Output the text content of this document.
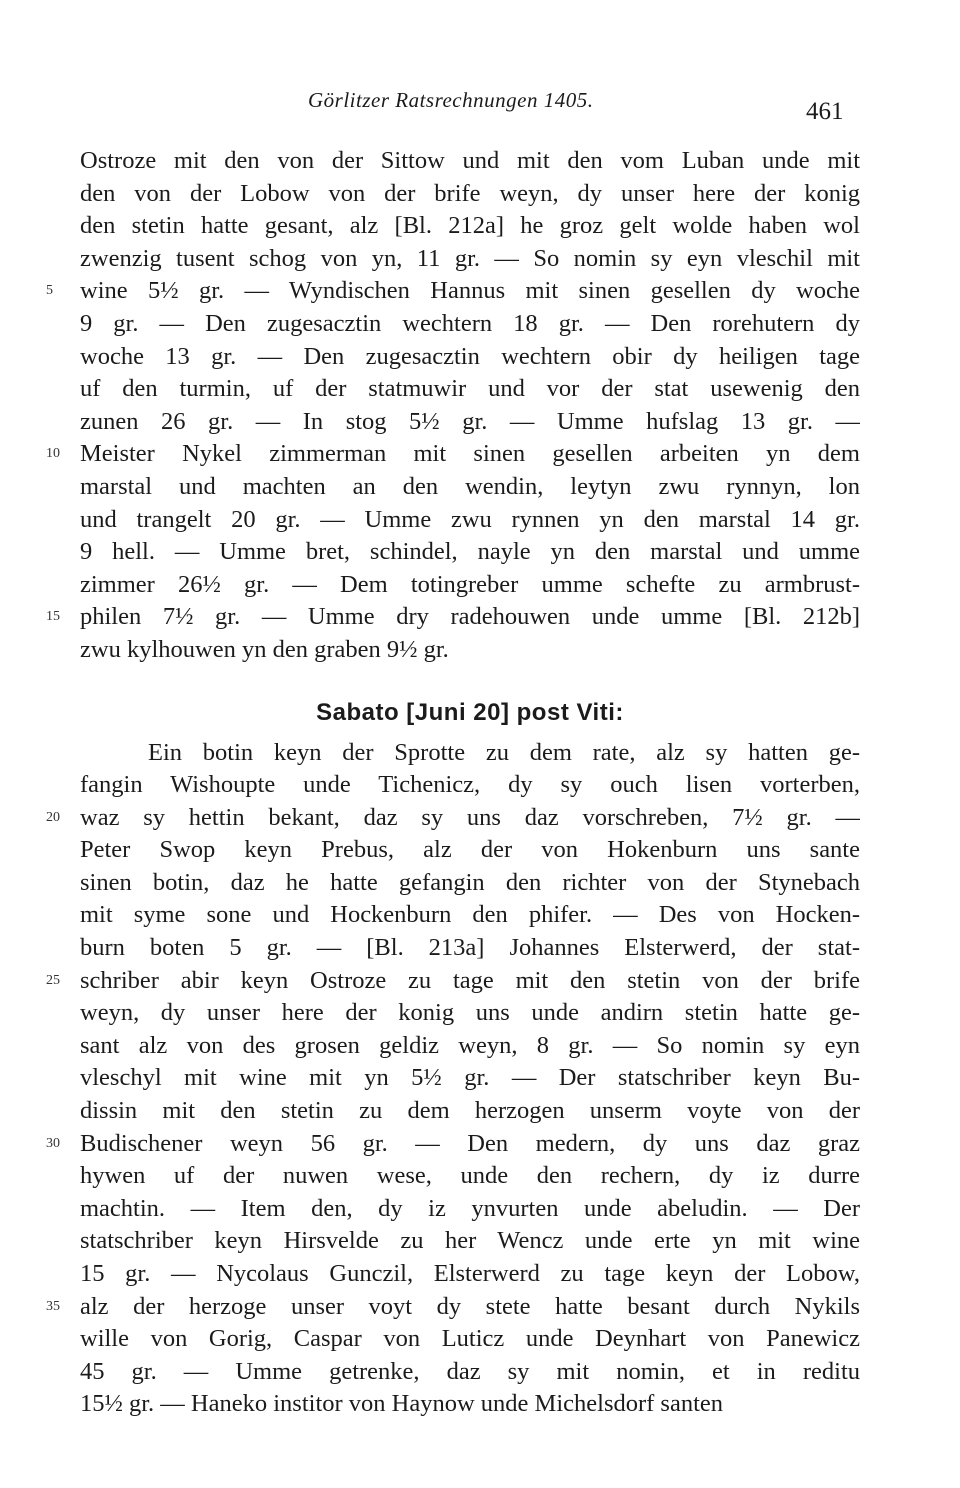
Görlitzer Ratsrechnungen 1405.	461
Ostroze mit den von der Sittow und mit den vom Luban unde mit
den von der Lobow von der brife weyn, dy unser here der konig
den stetin hatte gesant, alz [Bl. 212a] he groz gelt wolde haben wol
zwenzig tusent schog von yn, 11 gr. — So nomin sy eyn vleschil mit
5	wine 5½ gr. — Wyndischen Hannus mit sinen gesellen dy woche
9 gr. — Den zugesacztin wechtern 18 gr. — Den rorehutern dy
woche 13 gr. — Den zugesacztin wechtern obir dy heiligen tage
uf den turmin, uf der statmuwir und vor der stat usewenig den
zunen 26 gr. — In stog 5½ gr. — Umme hufslag 13 gr. —
10 Meister Nykel zimmerman mit sinen gesellen arbeiten yn dem
marstal und machten an den wendin, leytyn zwu rynnyn, lon
und trangelt 20 gr. — Umme zwu rynnen yn den marstal 14 gr.
9 hell. — Umme bret, schindel, nayle yn den marstal und umme
zimmer 26½ gr. — Dem totingreber umme schefte zu armbrust-
15 philen 7½ gr. — Umme dry radehouwen unde umme [Bl. 212b]
zwu kylhouwen yn den graben 9½ gr.
Sabato [Juni 20] post Viti:
Ein botin keyn der Sprotte zu dem rate, alz sy hatten ge-
fangin Wishoupte unde Tichenicz, dy sy ouch lisen vorterben,
20 waz sy hettin bekant, daz sy uns daz vorschreben, 7½ gr. —
Peter Swop keyn Prebus, alz der von Hokenburn uns sante
sinen botin, daz he hatte gefangin den richter von der Stynebach
mit syme sone und Hockenburn den phifer. — Des von Hocken-
burn boten 5 gr. — [Bl. 213a] Johannes Elsterwerd, der stat-
25 schriber abir keyn Ostroze zu tage mit den stetin von der brife
weyn, dy unser here der konig uns unde andirn stetin hatte ge-
sant alz von des grosen geldiz weyn, 8 gr. — So nomin sy eyn
vleschyl mit wine mit yn 5½ gr. — Der statschriber keyn Bu-
dissin mit den stetin zu dem herzogen unserm voyte von der
30 Budischener weyn 56 gr. — Den medern, dy uns daz graz
hywen uf der nuwen wese, unde den rechern, dy iz durre
machtin. — Item den, dy iz ynvurten unde abeludin. — Der
statschriber keyn Hirsvelde zu her Wencz unde erte yn mit wine
15 gr. — Nycolaus Gunczil, Elsterwerd zu tage keyn der Lobow,
35 alz der herzoge unser voyt dy stete hatte besant durch Nykils
wille von Gorig, Caspar von Luticz unde Deynhart von Panewicz
45 gr. — Umme getrenke, daz sy mit nomin, et in reditu
15½ gr. — Haneko institor von Haynow unde Michelsdorf santen
